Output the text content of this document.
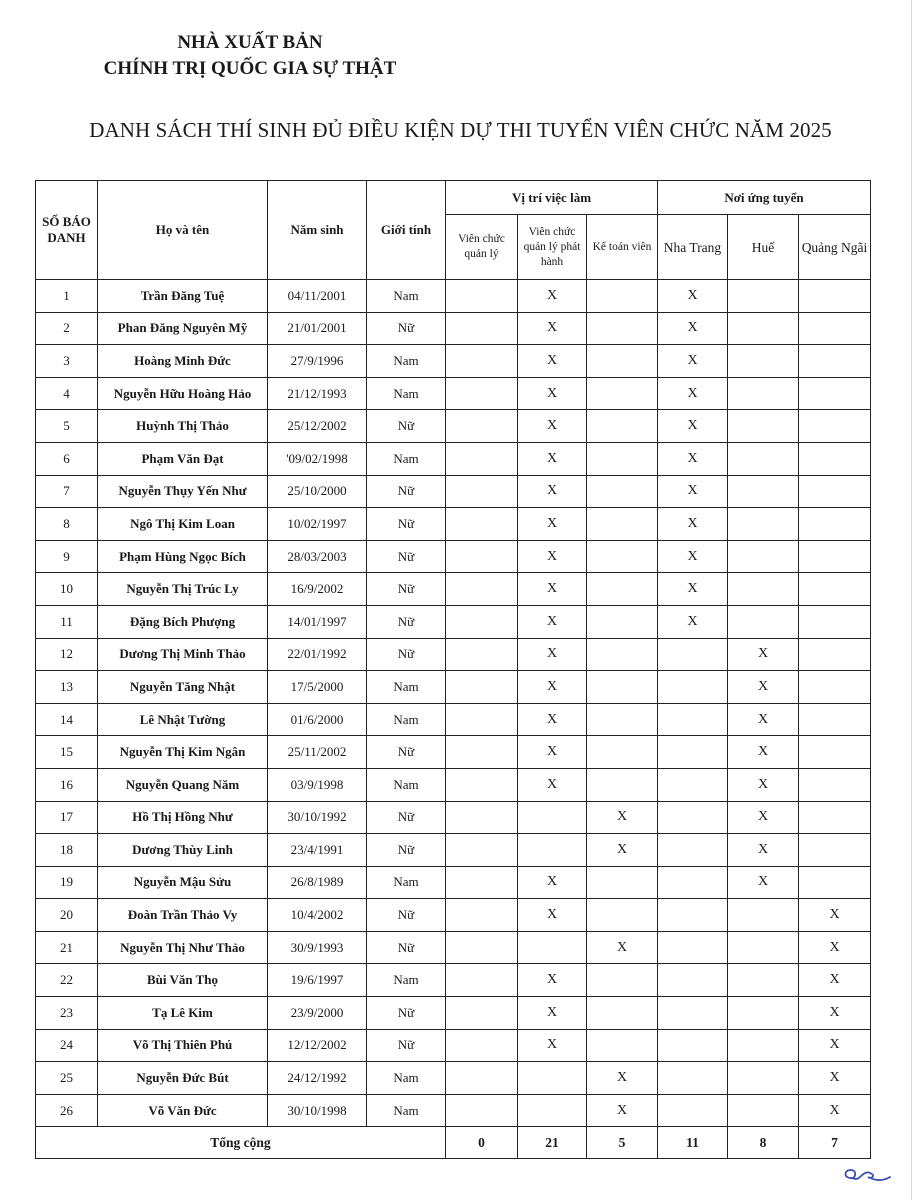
NHÀ XUẤT BẢN
CHÍNH TRỊ QUỐC GIA SỰ THẬT
DANH SÁCH THÍ SINH ĐỦ ĐIỀU KIỆN DỰ THI TUYỂN VIÊN CHỨC NĂM 2025
SỐ BÁO DANH	Họ và tên	Năm sinh	Giới tính	Vị trí việc làm			Nơi ứng tuyển		
				Viên chức quản lý	Viên chức quản lý phát hành	Kế toán viên	Nha Trang	Huế	Quảng Ngãi
1	Trần Đăng Tuệ	04/11/2001	Nam		X		X		
2	Phan Đăng Nguyên Mỹ	21/01/2001	Nữ		X		X		
3	Hoàng Minh Đức	27/9/1996	Nam		X		X		
4	Nguyễn Hữu Hoàng Hảo	21/12/1993	Nam		X		X		
5	Huỳnh Thị Thảo	25/12/2002	Nữ		X		X		
6	Phạm Văn Đạt	'09/02/1998	Nam		X		X		
7	Nguyễn Thụy Yến Như	25/10/2000	Nữ		X		X		
8	Ngô Thị Kim Loan	10/02/1997	Nữ		X		X		
9	Phạm Hùng Ngọc Bích	28/03/2003	Nữ		X		X		
10	Nguyễn Thị Trúc Ly	16/9/2002	Nữ		X		X		
11	Đặng Bích Phượng	14/01/1997	Nữ		X		X		
12	Dương Thị Minh Thảo	22/01/1992	Nữ		X			X	
13	Nguyễn Tăng Nhật	17/5/2000	Nam		X			X	
14	Lê Nhật Tường	01/6/2000	Nam		X			X	
15	Nguyễn Thị Kim Ngân	25/11/2002	Nữ		X			X	
16	Nguyễn Quang Năm	03/9/1998	Nam		X			X	
17	Hồ Thị Hồng Như	30/10/1992	Nữ			X		X	
18	Dương Thùy Linh	23/4/1991	Nữ			X		X	
19	Nguyễn Mậu Sửu	26/8/1989	Nam		X			X	
20	Đoàn Trần Thảo Vy	10/4/2002	Nữ		X				X
21	Nguyễn Thị Như Thảo	30/9/1993	Nữ			X			X
22	Bùi Văn Thọ	19/6/1997	Nam		X				X
23	Tạ Lê Kim	23/9/2000	Nữ		X				X
24	Võ Thị Thiên Phú	12/12/2002	Nữ		X				X
25	Nguyễn Đức Bút	24/12/1992	Nam			X			X
26	Võ Văn Đức	30/10/1998	Nam			X			X
Tổng cộng				0	21	5	11	8	7
